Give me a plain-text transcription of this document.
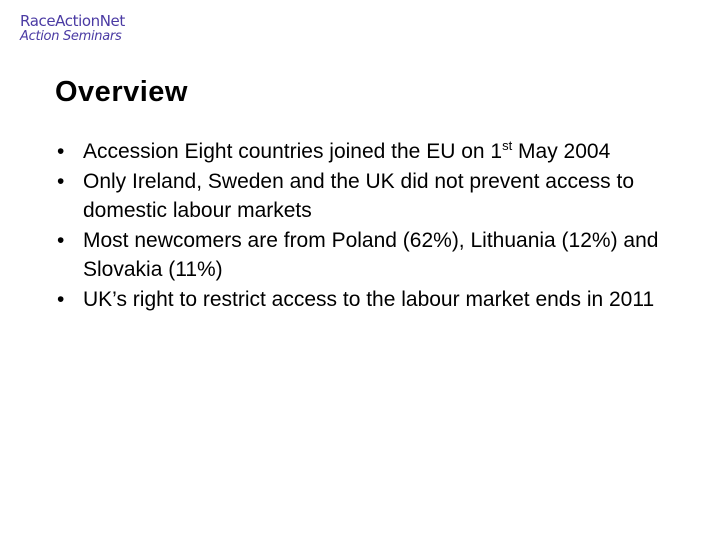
RaceActionNet
Action Seminars
Overview
• Accession Eight countries joined the EU on 1st May 2004
• Only Ireland, Sweden and the UK did not prevent access to domestic labour markets
• Most newcomers are from Poland (62%), Lithuania (12%) and Slovakia (11%)
• UK’s right to restrict access to the labour market ends in 2011
